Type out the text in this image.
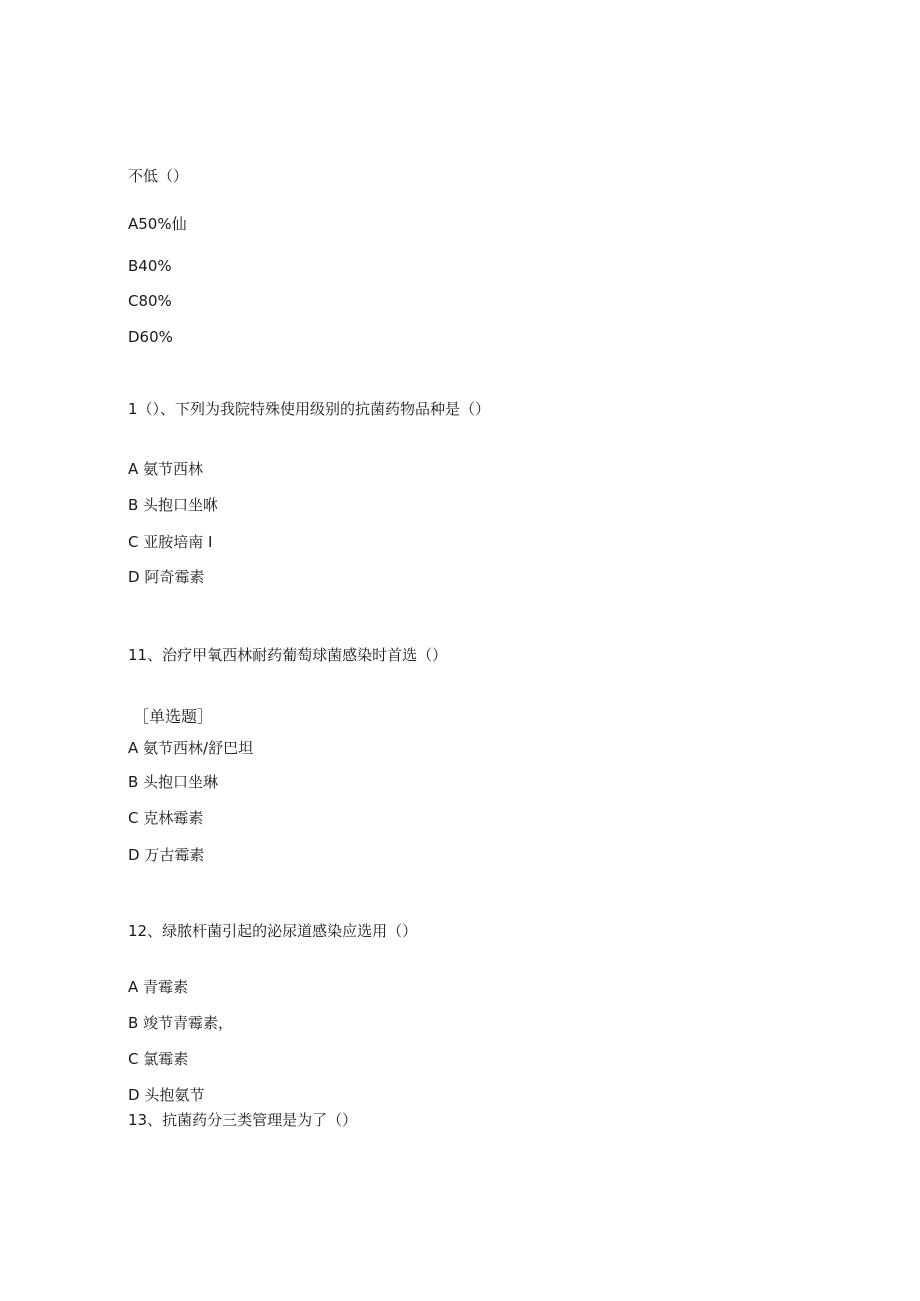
不低（）
A50%仙
B40%
C80%
D60%
1（）、下列为我院特殊使用级别的抗菌药物品种是（）
A 氨节西林
B 头抱口坐咻
C 亚胺培南 I
D 阿奇霉素
11、治疗甲氧西林耐药葡萄球菌感染时首选（）
［单选题］
A 氨节西林/舒巴坦
B 头抱口坐琳
C 克林霉素
D 万古霉素
12、绿脓杆菌引起的泌尿道感染应选用（）
A 青霉素
B 竣节青霉素，
C 氯霉素
D 头抱氨节
13、抗菌药分三类管理是为了（）
